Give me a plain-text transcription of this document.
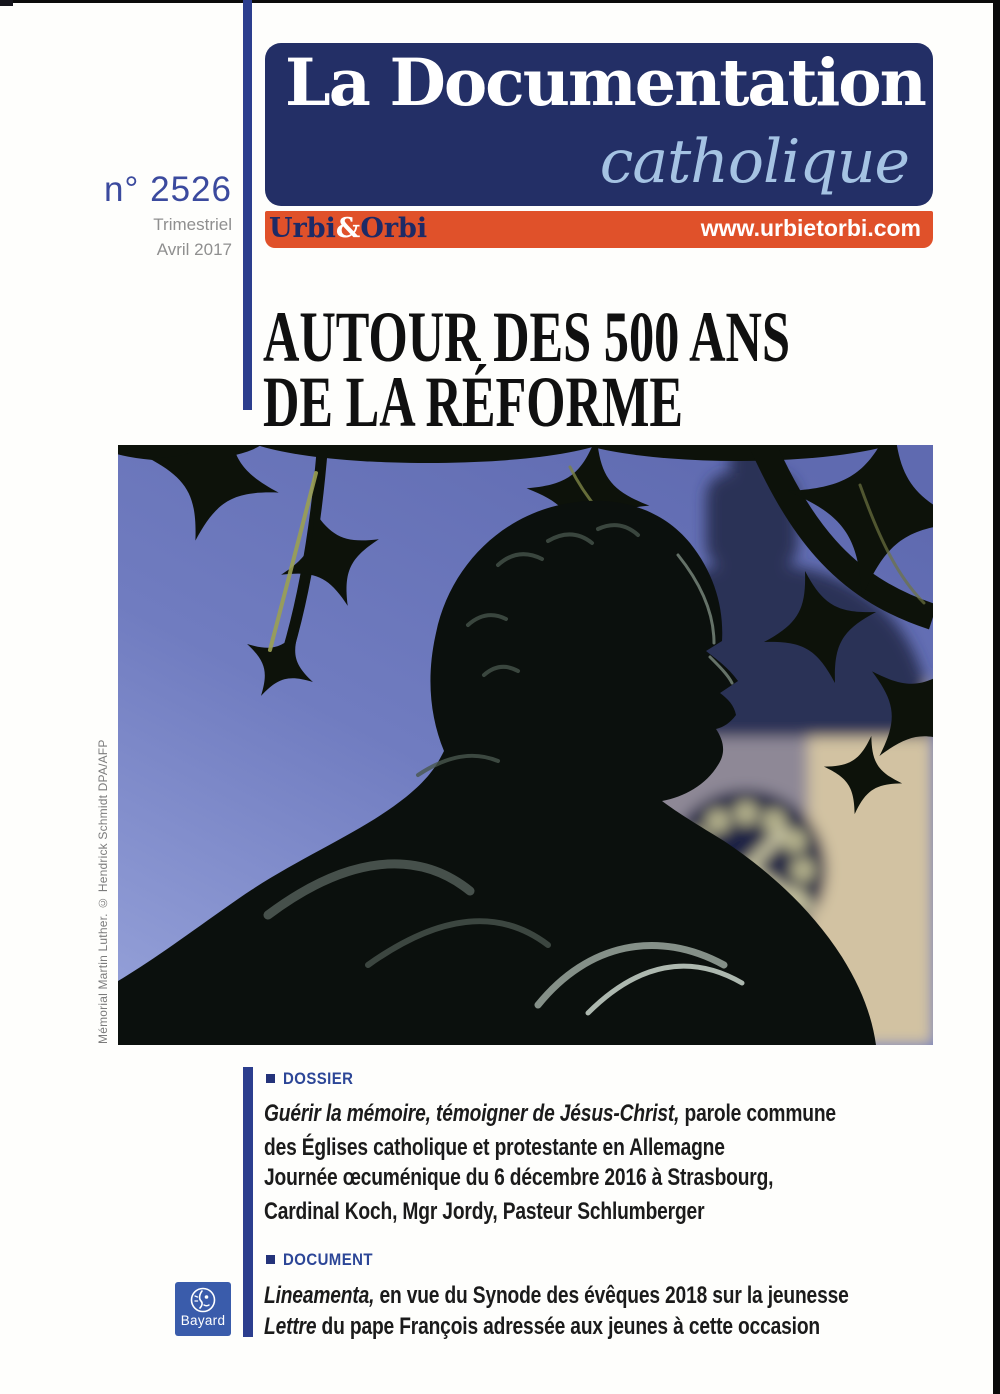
n° 2526
Trimestriel
Avril 2017
La Documentation
catholique
Urbi&Orbi	www.urbietorbi.com
AUTOUR DES 500 ANS
DE LA RÉFORME
Mémorial Martin Luther. © Hendrick Schmidt DPA/AFP
DOSSIER
Guérir la mémoire, témoigner de Jésus-Christ, parole commune
des Églises catholique et protestante en Allemagne
Journée œcuménique du 6 décembre 2016 à Strasbourg,
Cardinal Koch, Mgr Jordy, Pasteur Schlumberger
DOCUMENT
Lineamenta, en vue du Synode des évêques 2018 sur la jeunesse
Lettre du pape François adressée aux jeunes à cette occasion
Bayard
